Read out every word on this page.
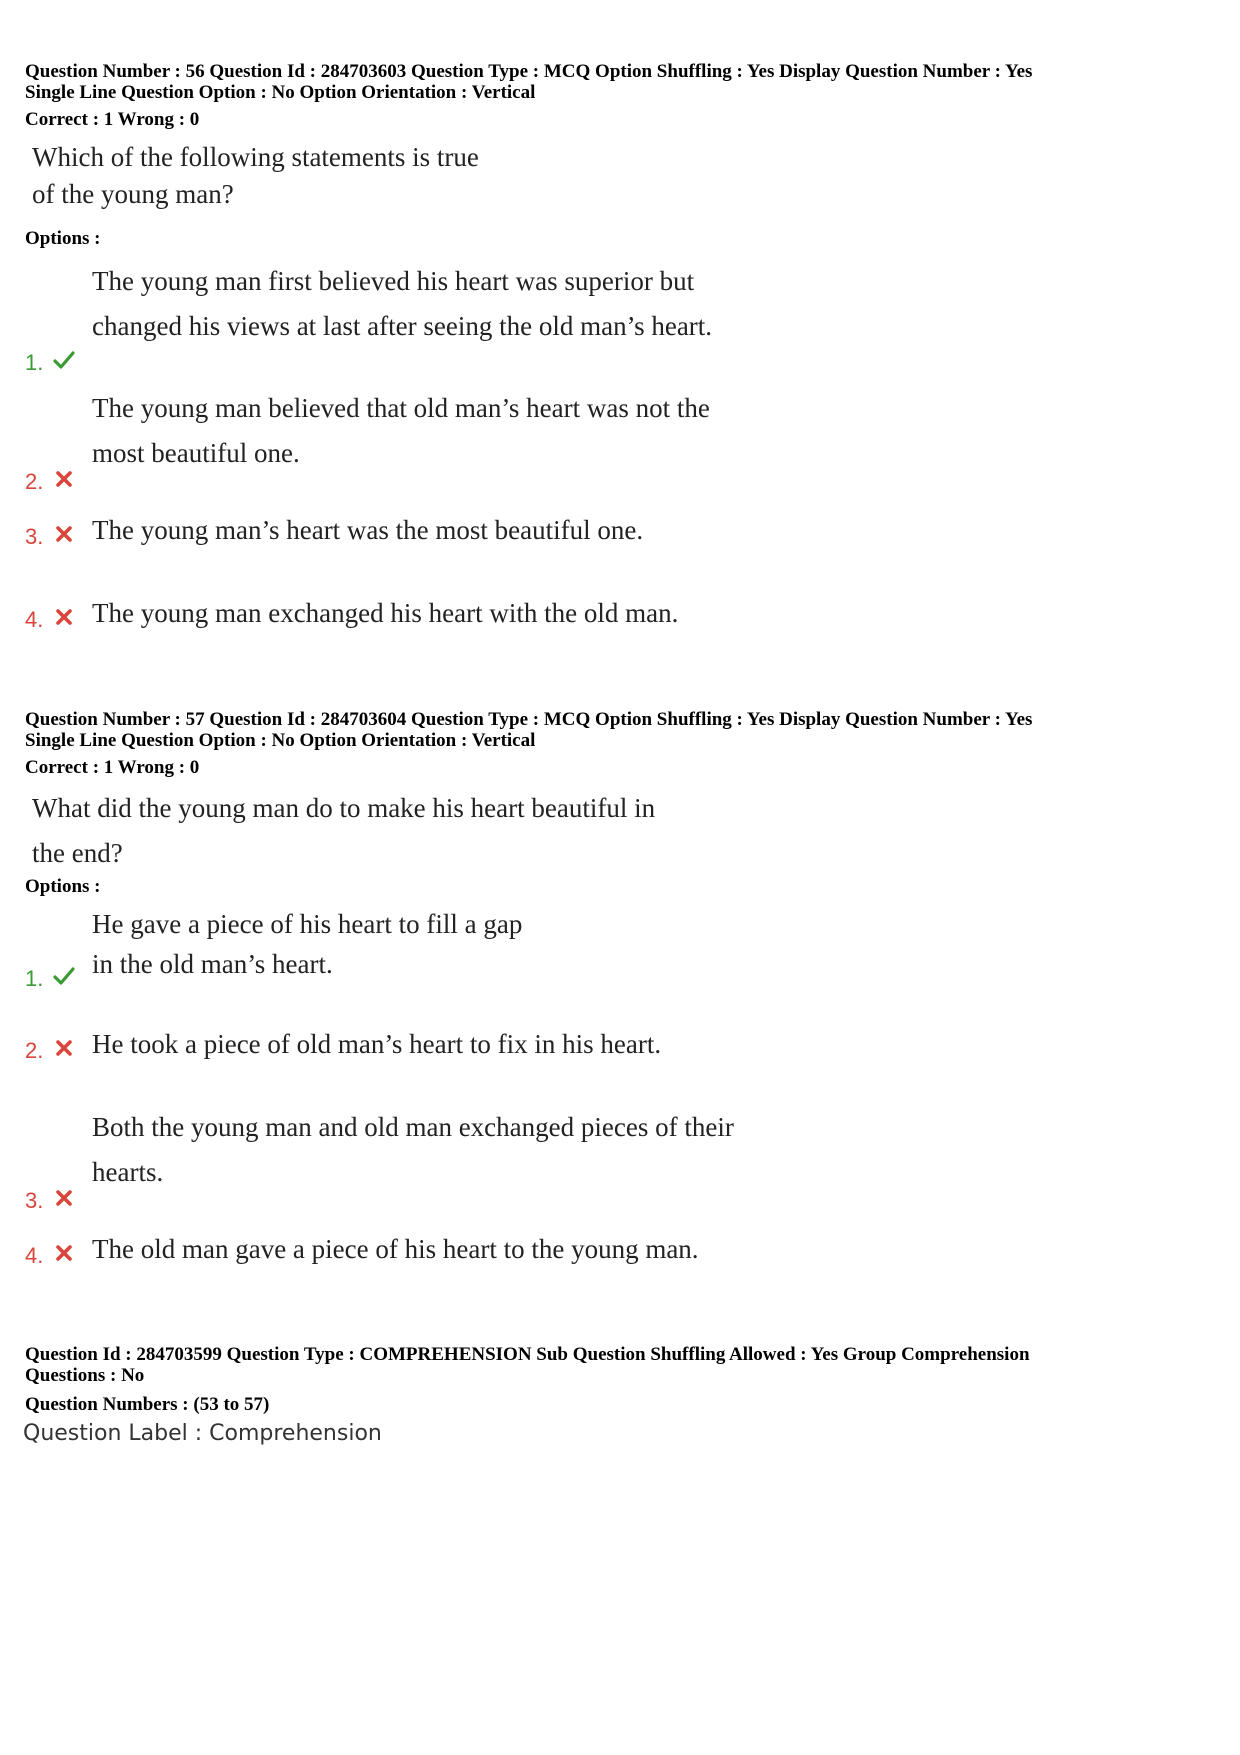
Question Number : 56 Question Id : 284703603 Question Type : MCQ Option Shuffling : Yes Display Question Number : Yes

Single Line Question Option : No Option Orientation : Vertical

Correct : 1 Wrong : 0
Which of the following statements is true
of the young man?
Options :
1.
The young man first believed his heart was superior but
changed his views at last after seeing the old man’s heart.
2.
The young man believed that old man’s heart was not the
most beautiful one.
3. The young man’s heart was the most beautiful one.
4. The young man exchanged his heart with the old man.

Question Number : 57 Question Id : 284703604 Question Type : MCQ Option Shuffling : Yes Display Question Number : Yes

Single Line Question Option : No Option Orientation : Vertical

Correct : 1 Wrong : 0
What did the young man do to make his heart beautiful in
the end?
Options :
1.
He gave a piece of his heart to fill a gap
in the old man’s heart.
2. He took a piece of old man’s heart to fix in his heart.
3.
Both the young man and old man exchanged pieces of their
hearts.
4. The old man gave a piece of his heart to the young man.

Question Id : 284703599 Question Type : COMPREHENSION Sub Question Shuffling Allowed : Yes Group Comprehension

Questions : No

Question Numbers : (53 to 57)
Question Label : Comprehension
